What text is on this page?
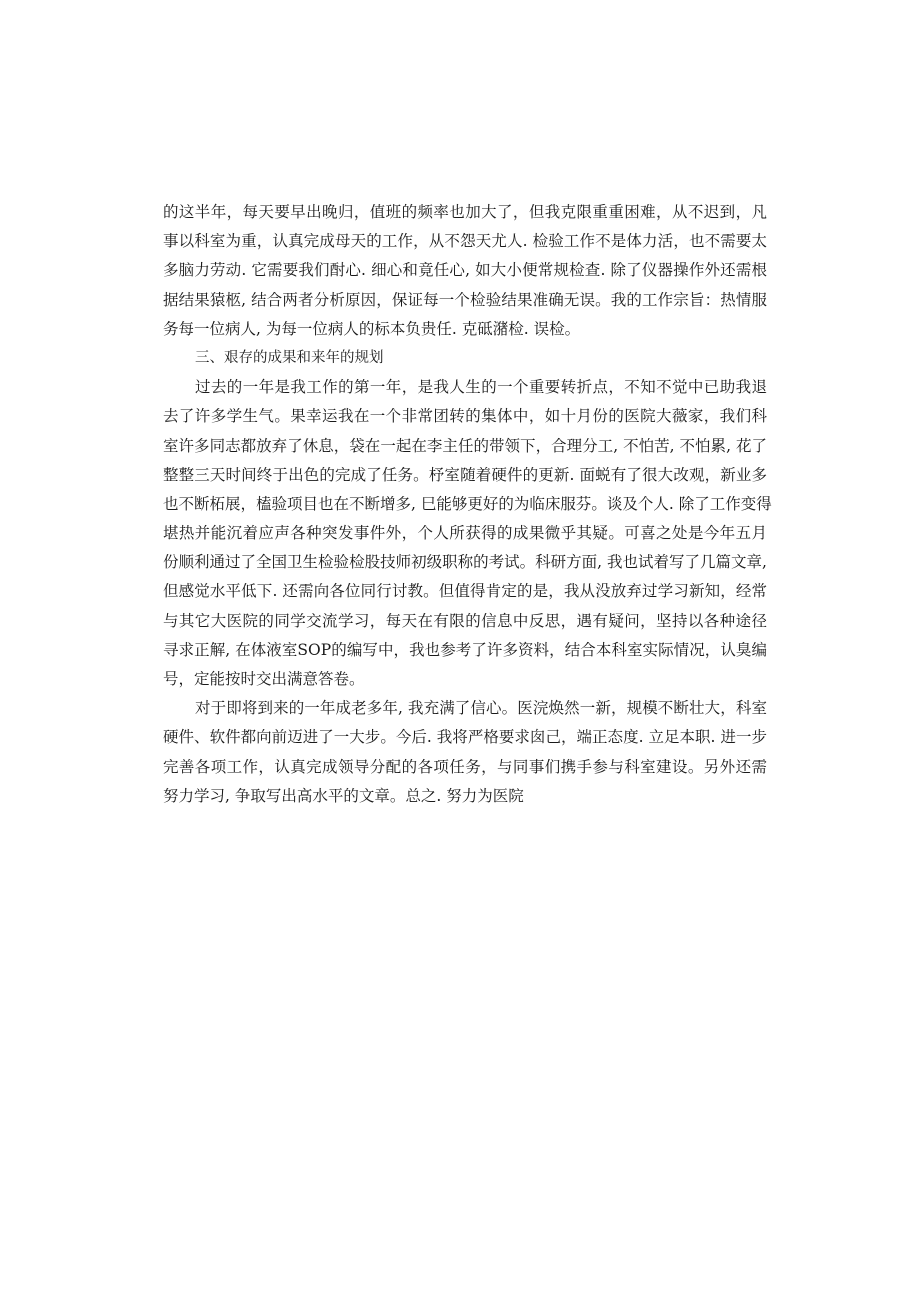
的这半年，每天要早出晚归，值班的频率也加大了，但我克限重重困难，从不迟到，凡
事以科室为重，认真完成母天的工作，从不怨天尤人. 检验工作不是体力活，也不需要太
多脑力劳动. 它需要我们酎心. 细心和竟任心, 如大小便常规检查. 除了仪器操作外还需根
据结果猿柩, 结合两者分析原因，保证每一个检验结果准确无误。我的工作宗旨：热情服
务每一位病人, 为每一位病人的标本负贵任. 克砥潴检. 误检。
三、艰存的成果和来年的规划
过去的一年是我工作的第一年，是我人生的一个重要转折点，不知不觉中已助我退
去了许多学生气。果幸运我在一个非常团转的集体中，如十月份的医院大薇家，我们科
室许多同志都放弃了休息，袋在一起在李主任的带领下，合理分工, 不怕苦, 不怕累, 花了
整整三天时间终于出色的完成了任务。杼室随着硬件的更新. 面蜕有了很大改观，新业多
也不断柘展，榼验项目也在不断增多, 巳能够更好的为临床服芬。谈及个人. 除了工作变得
堪热并能沉着应声各种突发事件外，个人所获得的成果微乎其疑。可喜之处是今年五月
份顺利通过了全国卫生检验检股技师初级职称的考试。科研方面, 我也试着写了几篇文章,
但感觉水平低下. 还需向各位同行讨教。但值得肯定的是，我从没放弃过学习新知，经常
与其它大医院的同学交流学习，每天在有限的信息中反思，遇有疑问，坚持以各种途径
寻求正解, 在体液室SOP的编写中，我也参考了许多资料，结合本科室实际情况，认臭编
号，定能按时交出满意答卷。
对于即将到来的一年成老多年, 我充满了信心。医浣焕然一新，规模不断壮大，科室
硬件、软件都向前迈进了一大步。今后. 我将严格要求囱己，端正态度. 立足本职. 进一步
完善各项工作，认真完成领导分配的各项任务，与同事们携手参与科室建设。另外还需
努力学习, 争取写出高水平的文章。总之. 努力为医院
